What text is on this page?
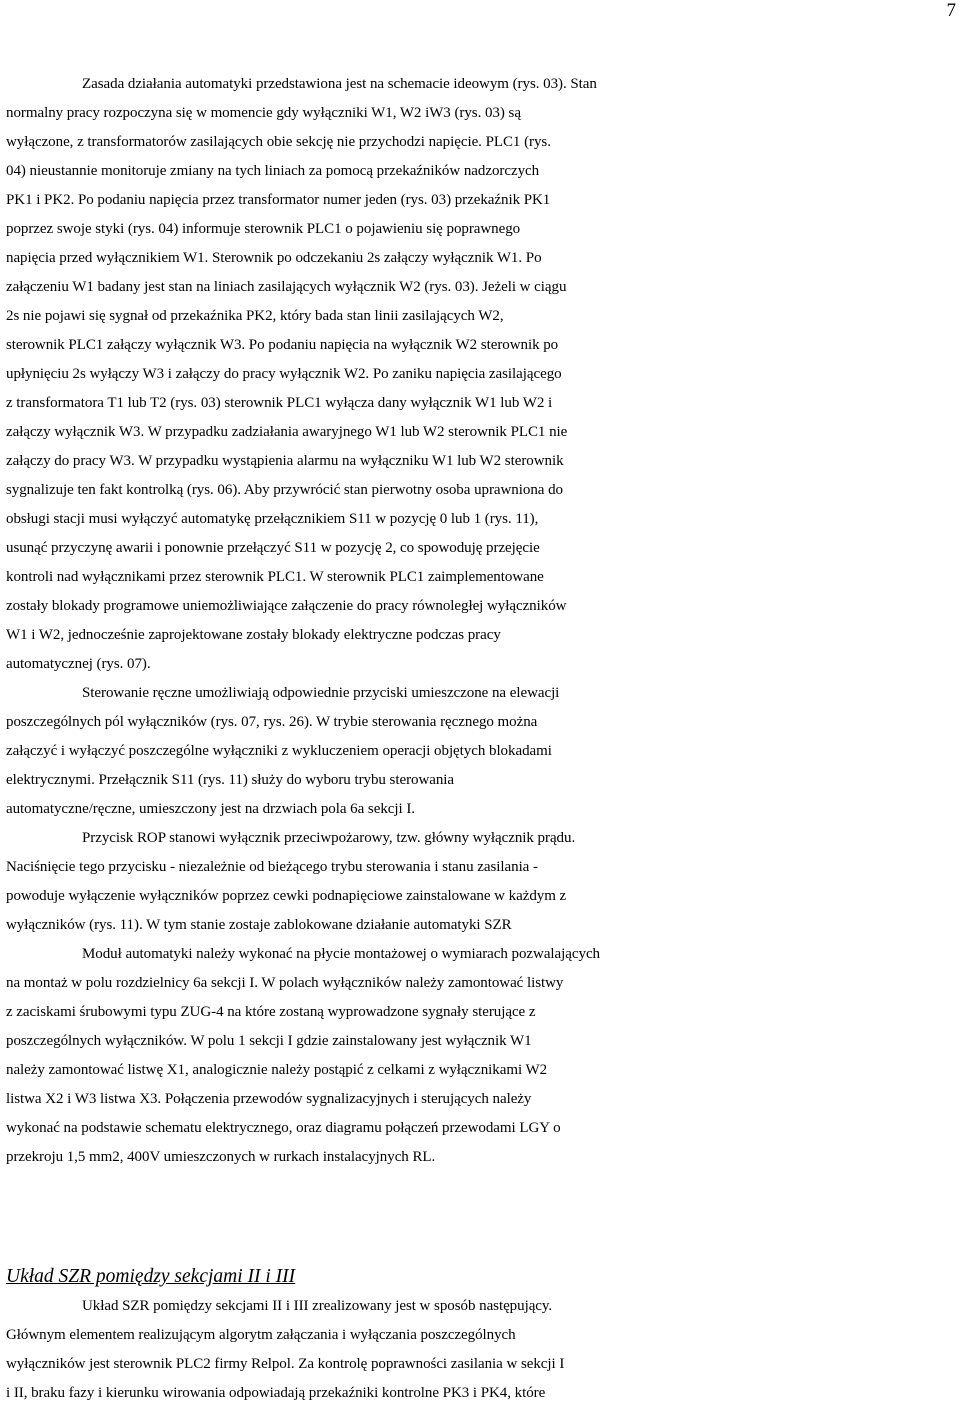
7
Zasada działania automatyki przedstawiona jest na schemacie ideowym (rys. 03). Stan
normalny pracy rozpoczyna się w momencie gdy wyłączniki W1, W2 iW3 (rys. 03) są
wyłączone, z transformatorów zasilających obie sekcję nie przychodzi napięcie. PLC1 (rys.
04) nieustannie monitoruje zmiany na tych liniach za pomocą przekaźników nadzorczych
PK1 i PK2. Po podaniu napięcia przez transformator numer jeden (rys. 03) przekaźnik PK1
poprzez swoje styki (rys. 04) informuje sterownik PLC1 o pojawieniu się poprawnego
napięcia przed wyłącznikiem W1. Sterownik po odczekaniu 2s załączy wyłącznik W1. Po
załączeniu W1 badany jest stan na liniach zasilających wyłącznik W2 (rys. 03). Jeżeli w ciągu
2s nie pojawi się sygnał od przekaźnika PK2, który bada stan linii zasilających W2,
sterownik PLC1 załączy wyłącznik W3. Po podaniu napięcia na wyłącznik W2 sterownik po
upłynięciu 2s wyłączy W3 i załączy do pracy wyłącznik W2. Po zaniku napięcia zasilającego
z transformatora T1 lub T2 (rys. 03) sterownik PLC1 wyłącza dany wyłącznik W1 lub W2 i
załączy wyłącznik W3. W przypadku zadziałania awaryjnego W1 lub W2 sterownik PLC1 nie
załączy do pracy W3. W przypadku wystąpienia alarmu na wyłączniku W1 lub W2 sterownik
sygnalizuje ten fakt kontrolką (rys. 06). Aby przywrócić stan pierwotny osoba uprawniona do
obsługi stacji musi wyłączyć automatykę przełącznikiem S11 w pozycję 0 lub 1 (rys. 11),
usunąć przyczynę awarii i ponownie przełączyć S11 w pozycję 2, co spowoduję przejęcie
kontroli nad wyłącznikami przez sterownik PLC1. W sterownik PLC1 zaimplementowane
zostały blokady programowe uniemożliwiające załączenie do pracy równoległej wyłączników
W1 i W2, jednocześnie zaprojektowane zostały blokady elektryczne podczas pracy
automatycznej (rys. 07).
Sterowanie ręczne umożliwiają odpowiednie przyciski umieszczone na elewacji
poszczególnych pól wyłączników (rys. 07, rys. 26). W trybie sterowania ręcznego można
załączyć i wyłączyć poszczególne wyłączniki z wykluczeniem operacji objętych blokadami
elektrycznymi. Przełącznik S11 (rys. 11) służy do wyboru trybu sterowania
automatyczne/ręczne, umieszczony jest na drzwiach pola 6a sekcji I.
Przycisk ROP stanowi wyłącznik przeciwpożarowy, tzw. główny wyłącznik prądu.
Naciśnięcie tego przycisku - niezależnie od bieżącego trybu sterowania i stanu zasilania -
powoduje wyłączenie wyłączników poprzez cewki podnapięciowe zainstalowane w każdym z
wyłączników (rys. 11). W tym stanie zostaje zablokowane działanie automatyki SZR
Moduł automatyki należy wykonać na płycie montażowej o wymiarach pozwalających
na montaż w polu rozdzielnicy 6a sekcji I. W polach wyłączników należy zamontować listwy
z zaciskami śrubowymi typu ZUG-4 na które zostaną wyprowadzone sygnały sterujące z
poszczególnych wyłączników. W polu 1 sekcji I gdzie zainstalowany jest wyłącznik W1
należy zamontować listwę X1, analogicznie należy postąpić z celkami z wyłącznikami W2
listwa X2 i W3 listwa X3. Połączenia przewodów sygnalizacyjnych i sterujących należy
wykonać na podstawie schematu elektrycznego, oraz diagramu połączeń przewodami LGY o
przekroju 1,5 mm2, 400V umieszczonych w rurkach instalacyjnych RL.
Układ SZR pomiędzy sekcjami II i III
Układ SZR pomiędzy sekcjami II i III zrealizowany jest w sposób następujący.
Głównym elementem realizującym algorytm załączania i wyłączania poszczególnych
wyłączników jest sterownik PLC2 firmy Relpol. Za kontrolę poprawności zasilania w sekcji I
i II, braku fazy i kierunku wirowania odpowiadają przekaźniki kontrolne PK3 i PK4, które
